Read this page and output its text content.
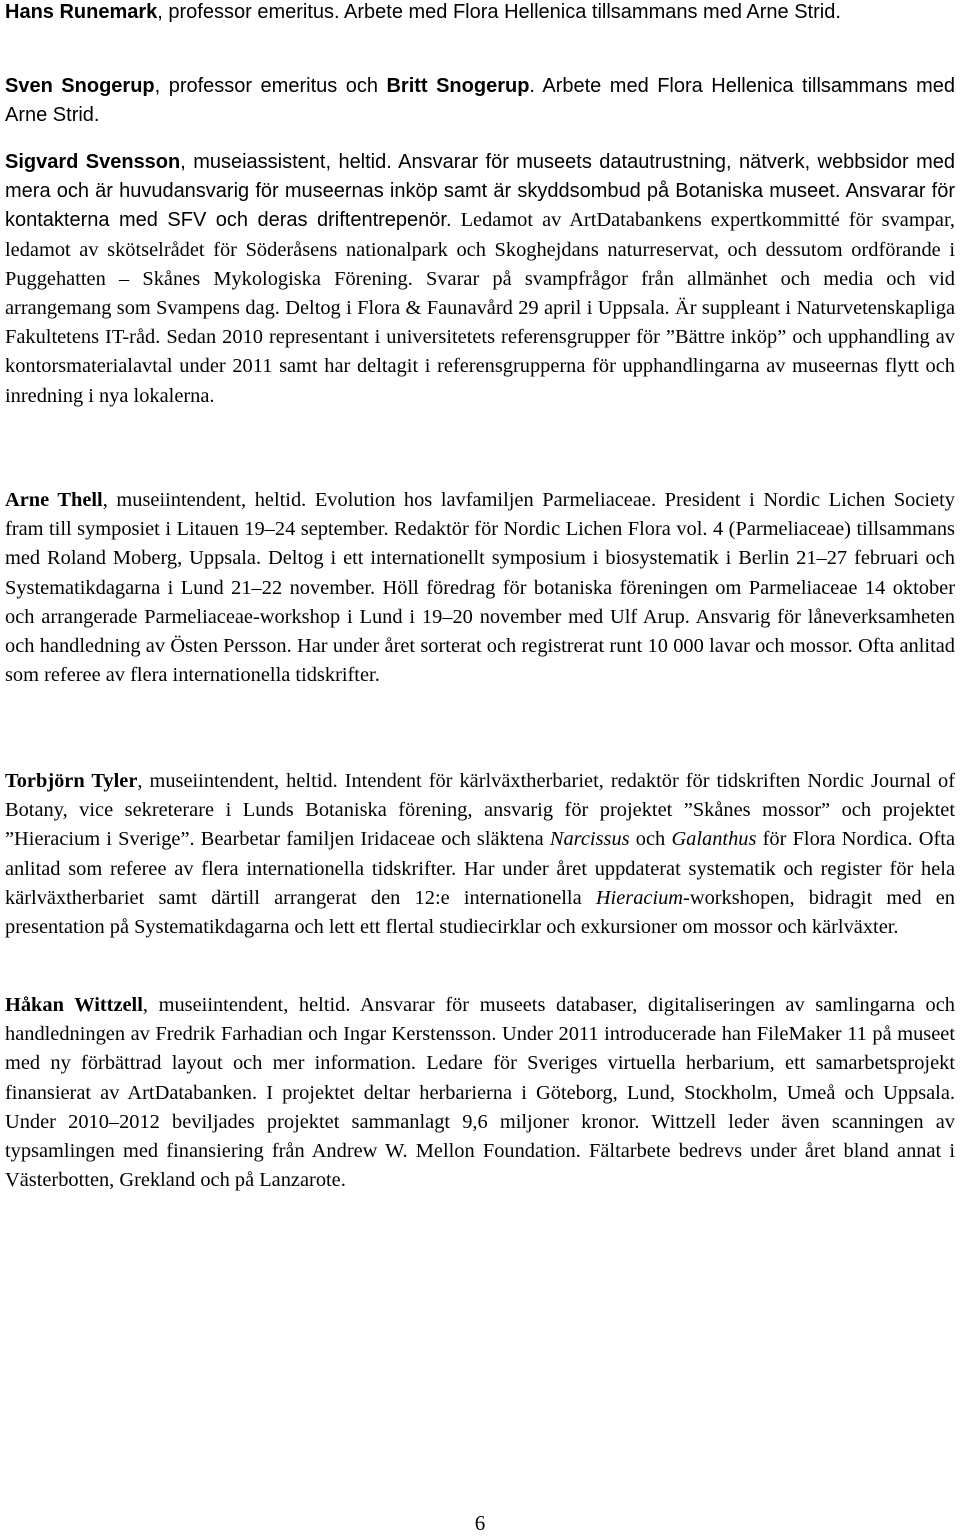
Hans Runemark, professor emeritus. Arbete med Flora Hellenica tillsammans med Arne Strid.

Sven Snogerup, professor emeritus och Britt Snogerup. Arbete med Flora Hellenica tillsammans med Arne Strid.

Sigvard Svensson, museiassistent, heltid. Ansvarar för museets datautrustning, nätverk, webbsidor med mera och är huvudansvarig för museernas inköp samt är skyddsombud på Botaniska museet. Ansvarar för kontakterna med SFV och deras driftentrepenör. Ledamot av ArtDatabankens expertkommitté för svampar, ledamot av skötselrådet för Söderåsens nationalpark och Skoghejdans naturreservat, och dessutom ordförande i Puggehatten – Skånes Mykologiska Förening. Svarar på svampfrågor från allmänhet och media och vid arrangemang som Svampens dag. Deltog i Flora & Faunavård 29 april i Uppsala. Är suppleant i Naturvetenskapliga Fakultetens IT-råd. Sedan 2010 representant i universitetets referensgrupper för ”Bättre inköp” och upphandling av kontorsmaterialavtal under 2011 samt har deltagit i referensgrupperna för upphandlingarna av museernas flytt och inredning i nya lokalerna.

Arne Thell, museiintendent, heltid. Evolution hos lavfamiljen Parmeliaceae. President i Nordic Lichen Society fram till symposiet i Litauen 19–24 september. Redaktör för Nordic Lichen Flora vol. 4 (Parmeliaceae) tillsammans med Roland Moberg, Uppsala. Deltog i ett internationellt symposium i biosystematik i Berlin 21–27 februari och Systematikdagarna i Lund 21–22 november. Höll föredrag för botaniska föreningen om Parmeliaceae 14 oktober och arrangerade Parmeliaceae-workshop i Lund i 19–20 november med Ulf Arup. Ansvarig för låneverksamheten och handledning av Östen Persson. Har under året sorterat och registrerat runt 10 000 lavar och mossor. Ofta anlitad som referee av flera internationella tidskrifter.

Torbjörn Tyler, museiintendent, heltid. Intendent för kärlväxtherbariet, redaktör för tidskriften Nordic Journal of Botany, vice sekreterare i Lunds Botaniska förening, ansvarig för projektet ”Skånes mossor” och projektet ”Hieracium i Sverige”. Bearbetar familjen Iridaceae och släktena Narcissus och Galanthus för Flora Nordica. Ofta anlitad som referee av flera internationella tidskrifter. Har under året uppdaterat systematik och register för hela kärlväxtherbariet samt därtill arrangerat den 12:e internationella Hieracium-workshopen, bidragit med en presentation på Systematikdagarna och lett ett flertal studiecirklar och exkursioner om mossor och kärlväxter.

Håkan Wittzell, museiintendent, heltid. Ansvarar för museets databaser, digitaliseringen av samlingarna och handledningen av Fredrik Farhadian och Ingar Kerstensson. Under 2011 introducerade han FileMaker 11 på museet med ny förbättrad layout och mer information. Ledare för Sveriges virtuella herbarium, ett samarbetsprojekt finansierat av ArtDatabanken. I projektet deltar herbarierna i Göteborg, Lund, Stockholm, Umeå och Uppsala. Under 2010–2012 beviljades projektet sammanlagt 9,6 miljoner kronor. Wittzell leder även scanningen av typsamlingen med finansiering från Andrew W. Mellon Foundation. Fältarbete bedrevs under året bland annat i Västerbotten, Grekland och på Lanzarote.

6
